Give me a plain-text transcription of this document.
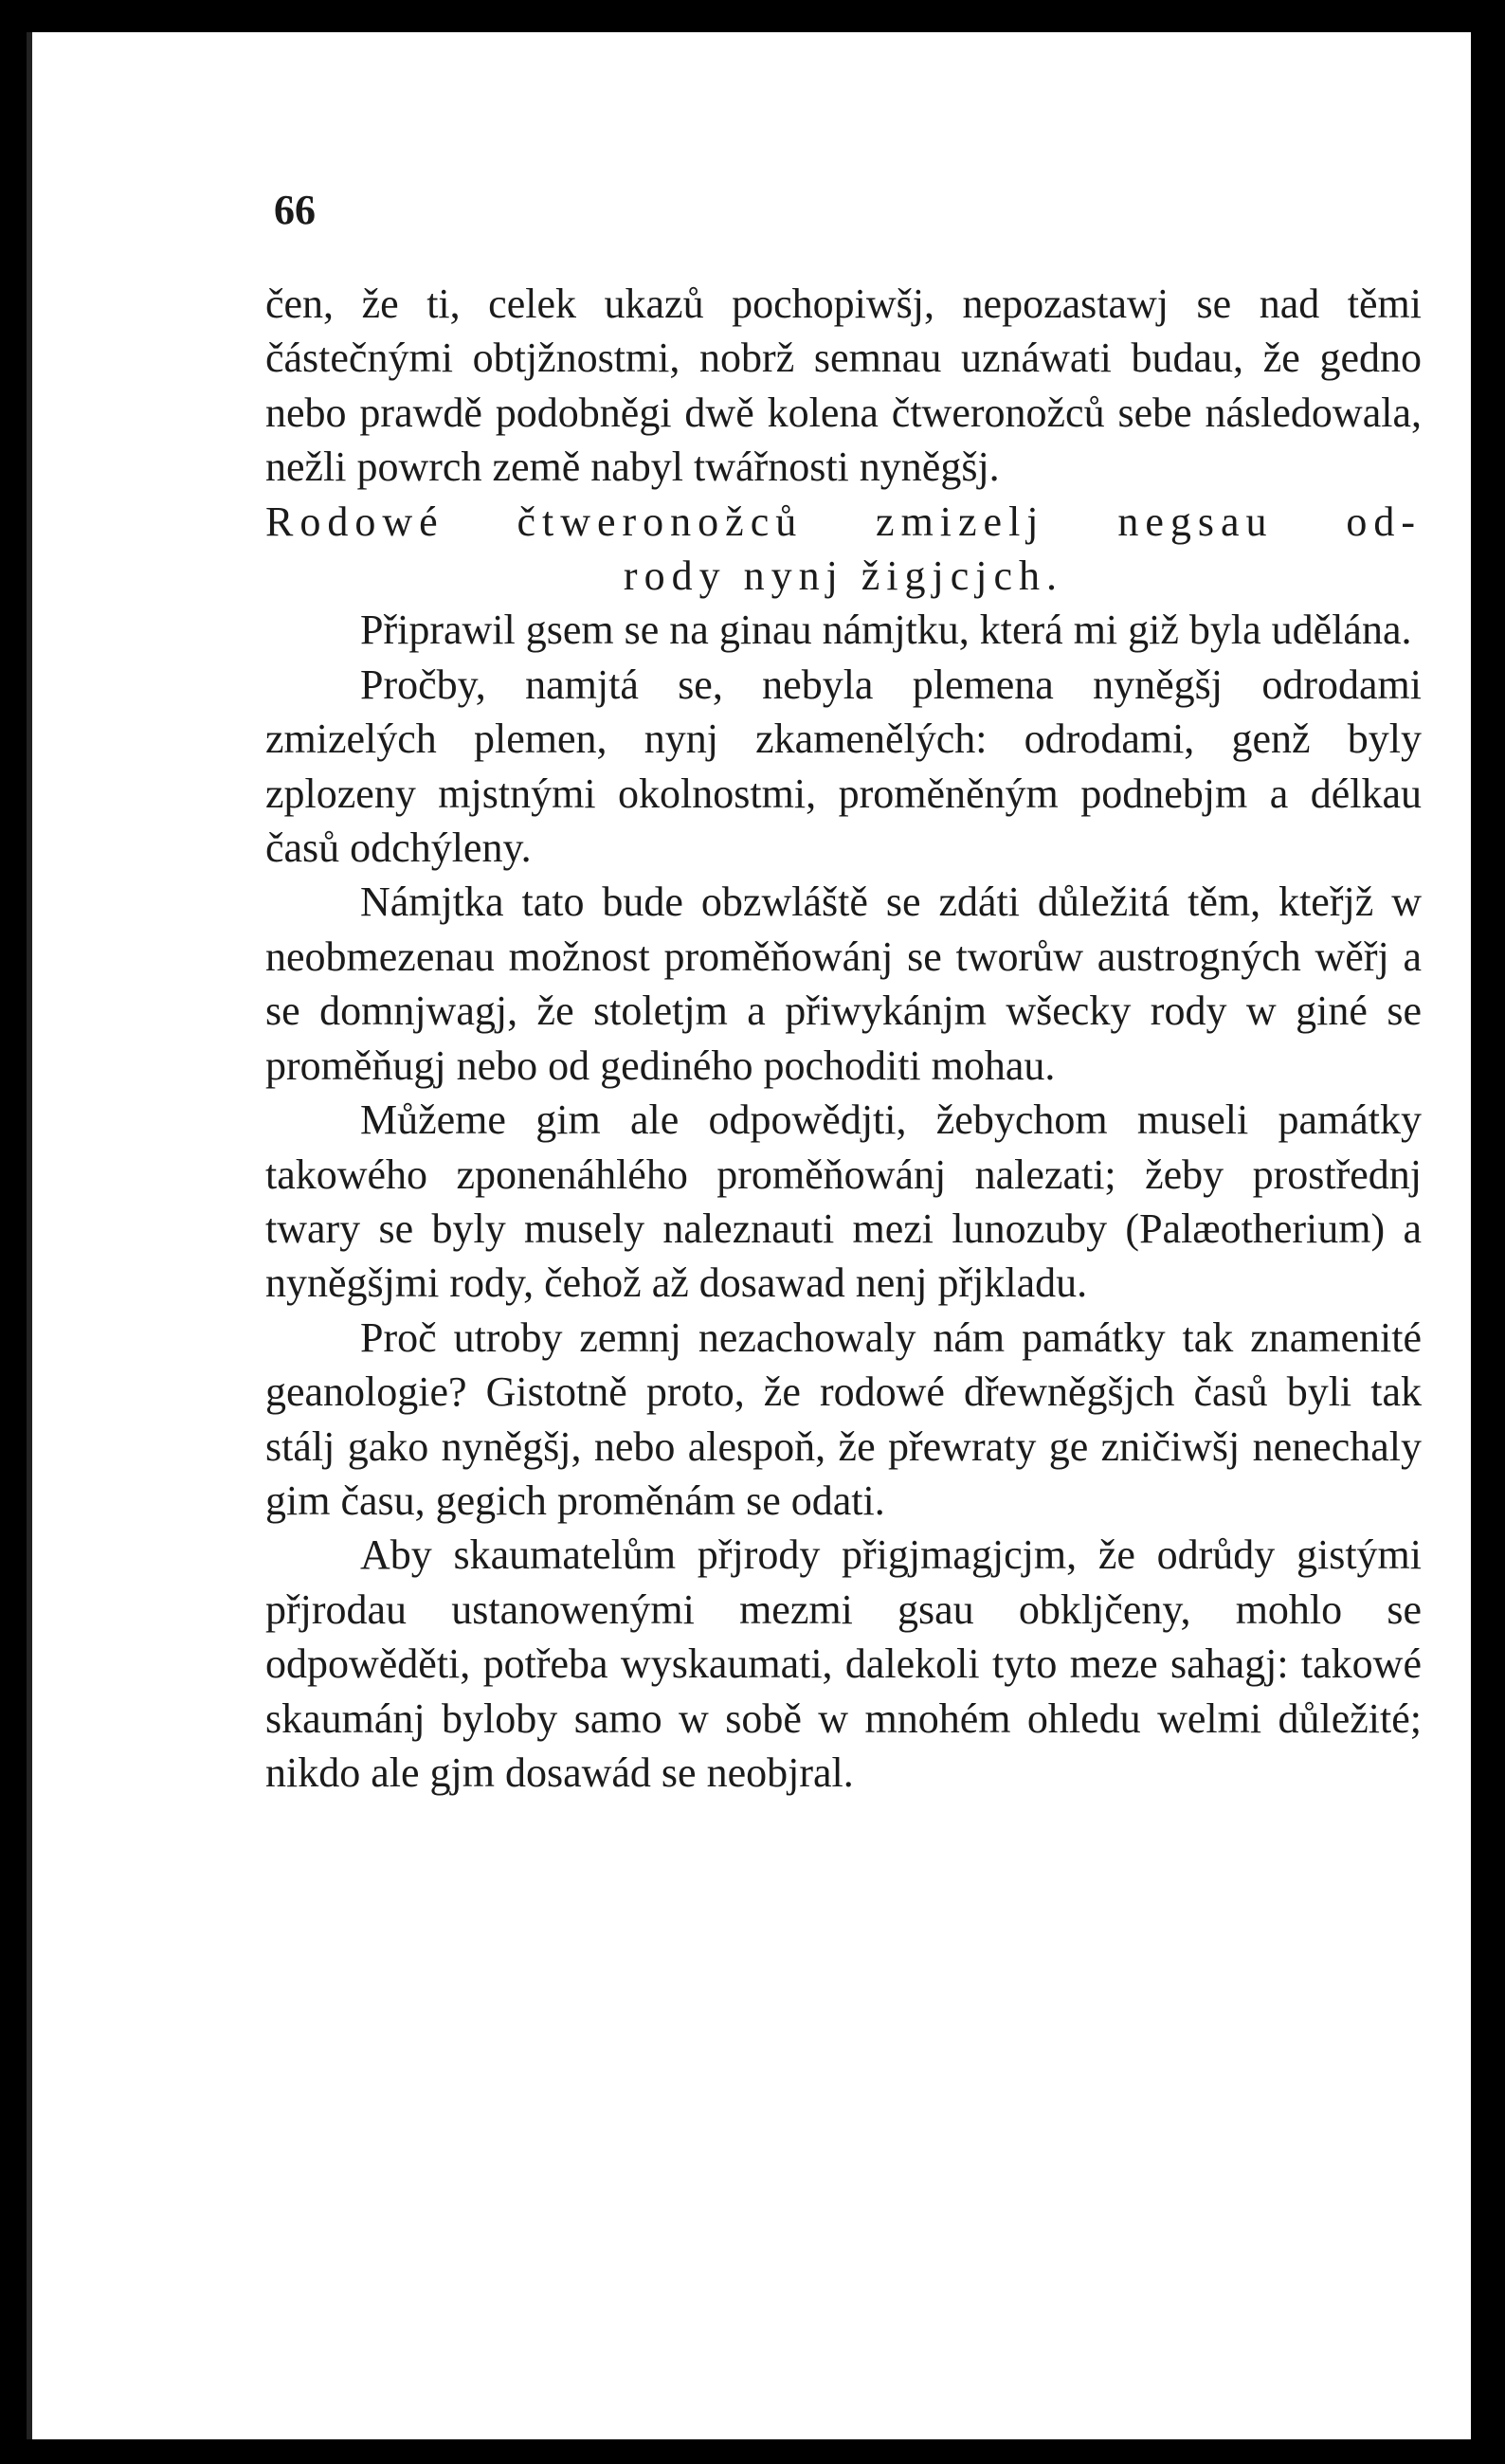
66

čen, že ti, celek ukazů pochopiwšj, nepozastawj se nad těmi částečnými obtjžnostmi, nobrž semnau uznáwati budau, že gedno nebo prawdě podobněgi dwě kolena čtweronožců sebe následowala, nežli powrch země nabyl twářnosti nyněgšj.

Rodowé čtweronožců zmizelj negsau od-
rody nynj žigjcjch.

Připrawil gsem se na ginau námjtku, která mi giž byla udělána.

Pročby, namjtá se, nebyla plemena nyněgšj odrodami zmizelých plemen, nynj zkamenělých: odrodami, genž byly zplozeny mjstnými okolnostmi, proměněným podnebjm a délkau časů odchýleny.

Námjtka tato bude obzwláště se zdáti důležitá těm, kteřjž w neobmezenau možnost proměňowánj se tworůw austrogných wěřj a se domnjwagj, že stoletjm a přiwykánjm wšecky rody w giné se proměňugj nebo od gediného pochoditi mohau.

Můžeme gim ale odpowědjti, žebychom museli památky takowého zponenáhlého proměňowánj nalezati; žeby prostřednj twary se byly musely naleznauti mezi lunozuby (Palæotherium) a nyněgšjmi rody, čehož až dosawad nenj přjkladu.

Proč utroby zemnj nezachowaly nám památky tak znamenité geanologie? Gistotně proto, že rodowé dřewněgšjch časů byli tak stálj gako nyněgšj, nebo alespoň, že přewraty ge zničiwšj nenechaly gim času, gegich proměnám se odati.

Aby skaumatelům přjrody přigjmagjcjm, že odrůdy gistými přjrodau ustanowenými mezmi gsau obkljčeny, mohlo se odpowěděti, potřeba wyskaumati, dalekoli tyto meze sahagj: takowé skaumánj byloby samo w sobě w mnohém ohledu welmi důležité; nikdo ale gjm dosawád se neobjral.
